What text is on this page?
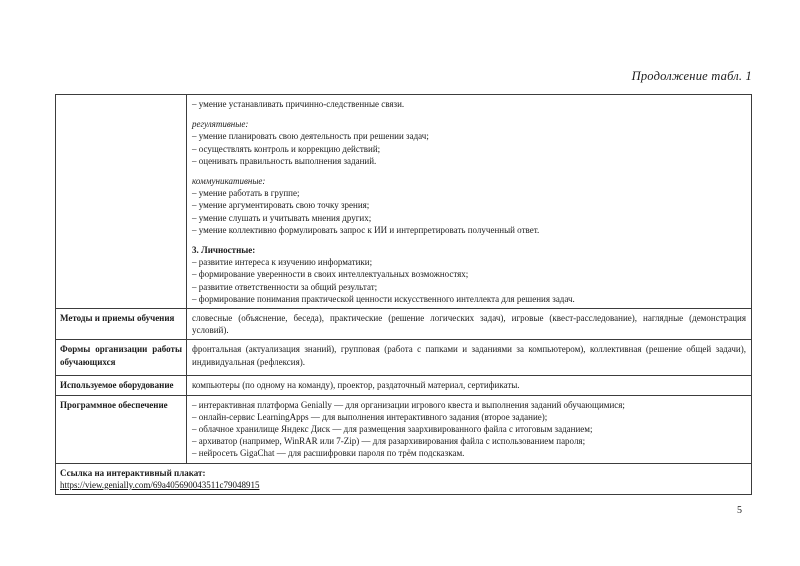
Продолжение табл. 1

– умение устанавливать причинно-следственные связи.
регулятивные:
– умение планировать свою деятельность при решении задач;
– осуществлять контроль и коррекцию действий;
– оценивать правильность выполнения заданий.
коммуникативные:
– умение работать в группе;
– умение аргументировать свою точку зрения;
– умение слушать и учитывать мнения других;
– умение коллективно формулировать запрос к ИИ и интерпретировать полученный ответ.
3. Личностные:
– развитие интереса к изучению информатики;
– формирование уверенности в своих интеллектуальных возможностях;
– развитие ответственности за общий результат;
– формирование понимания практической ценности искусственного интеллекта для решения задач.

Методы и приемы обучения	словесные (объяснение, беседа), практические (решение логических задач), игровые (квест-расследование), наглядные (демонстрация условий).
Формы организации работы обучающихся	фронтальная (актуализация знаний), групповая (работа с папками и заданиями за компьютером), коллективная (решение общей задачи), индивидуальная (рефлексия).
Используемое оборудование	компьютеры (по одному на команду), проектор, раздаточный материал, сертификаты.
Программное обеспечение	– интерактивная платформа Genially — для организации игрового квеста и выполнения заданий обучающимися;
– онлайн-сервис LearningApps — для выполнения интерактивного задания (второе задание);
– облачное хранилище Яндекс Диск — для размещения заархивированного файла с итоговым заданием;
– архиватор (например, WinRAR или 7-Zip) — для разархивирования файла с использованием пароля;
– нейросеть GigaChat — для расшифровки пароля по трём подсказкам.

Ссылка на интерактивный плакат:
https://view.genially.com/69a405690043511c79048915	
5
